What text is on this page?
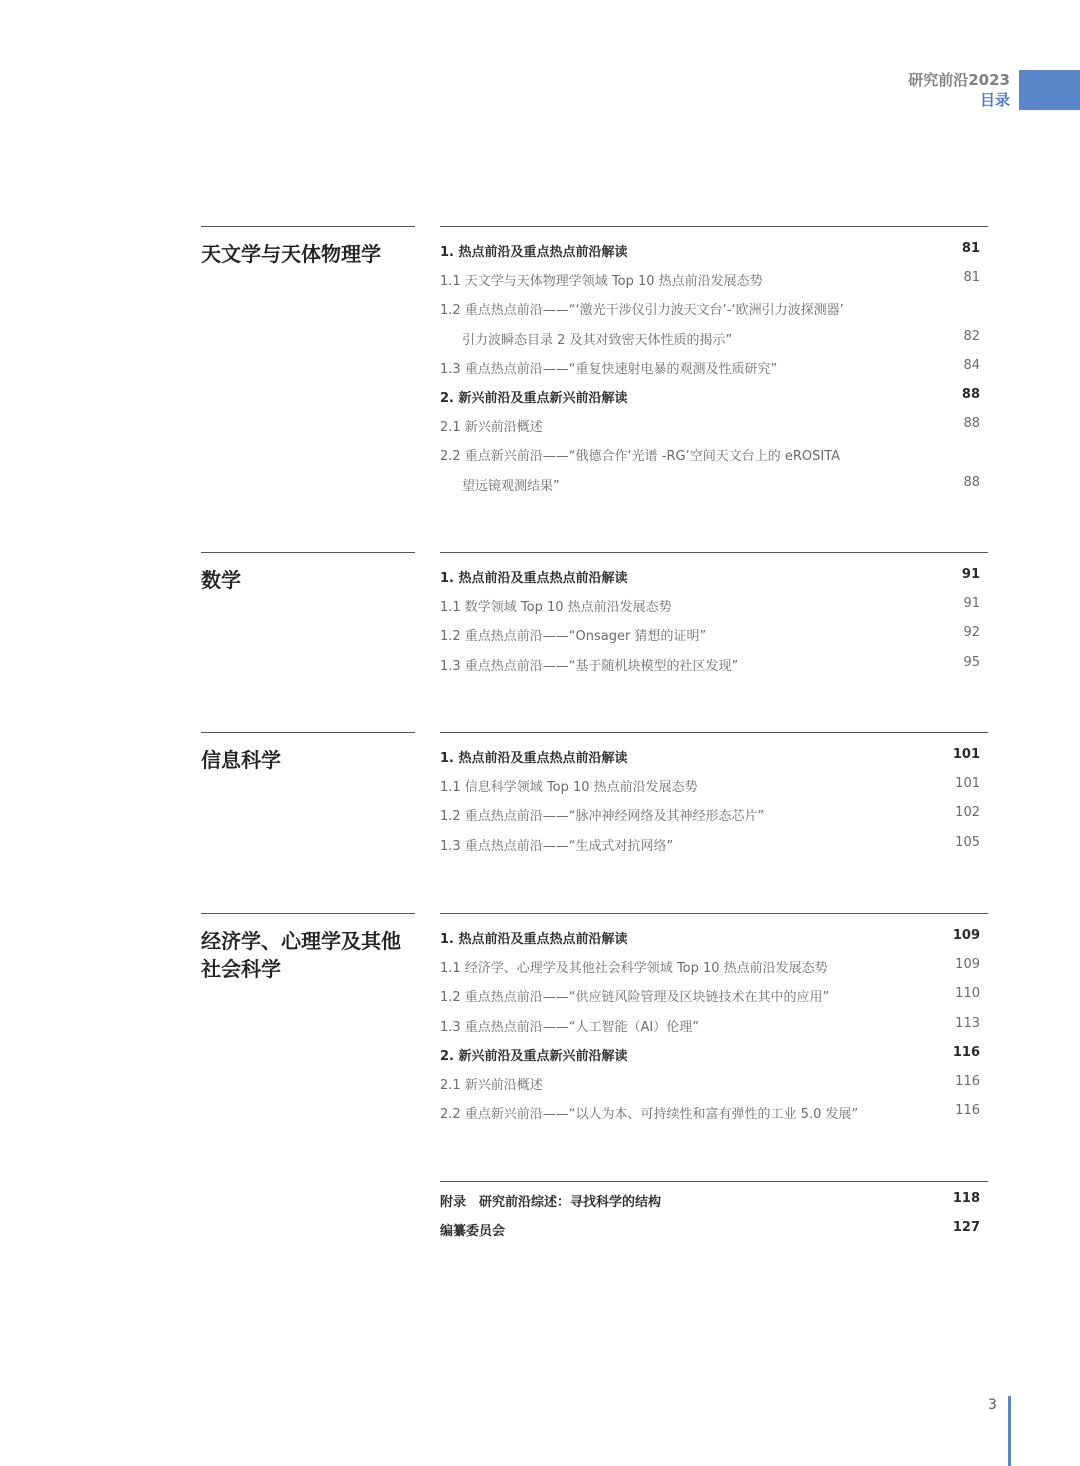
研究前沿2023
目录
天文学与天体物理学	1. 热点前沿及重点热点前沿解读	81
1.1 天文学与天体物理学领域 Top 10 热点前沿发展态势	81
1.2 重点热点前沿——“‘激光干涉仪引力波天文台’-‘欧洲引力波探测器’
引力波瞬态目录 2 及其对致密天体性质的揭示”	82
1.3 重点热点前沿——“重复快速射电暴的观测及性质研究”	84
2. 新兴前沿及重点新兴前沿解读	88
2.1 新兴前沿概述	88
2.2 重点新兴前沿——“俄德合作‘光谱 -RG’空间天文台上的 eROSITA
望远镜观测结果”	88
数学	1. 热点前沿及重点热点前沿解读	91
1.1 数学领域 Top 10 热点前沿发展态势	91
1.2 重点热点前沿——“Onsager 猜想的证明”	92
1.3 重点热点前沿——“基于随机块模型的社区发现”	95
信息科学	1. 热点前沿及重点热点前沿解读	101
1.1 信息科学领域 Top 10 热点前沿发展态势	101
1.2 重点热点前沿——“脉冲神经网络及其神经形态芯片”	102
1.3 重点热点前沿——“生成式对抗网络”	105
经济学、心理学及其他社会科学
1. 热点前沿及重点热点前沿解读	109
1.1 经济学、心理学及其他社会科学领域 Top 10 热点前沿发展态势	109
1.2 重点热点前沿——“供应链风险管理及区块链技术在其中的应用”	110
1.3 重点热点前沿——“人工智能（AI）伦理”	113
2. 新兴前沿及重点新兴前沿解读	116
2.1 新兴前沿概述	116
2.2 重点新兴前沿——“以人为本、可持续性和富有弹性的工业 5.0 发展”	116
附录　研究前沿综述：寻找科学的结构	118
编纂委员会	127
3
